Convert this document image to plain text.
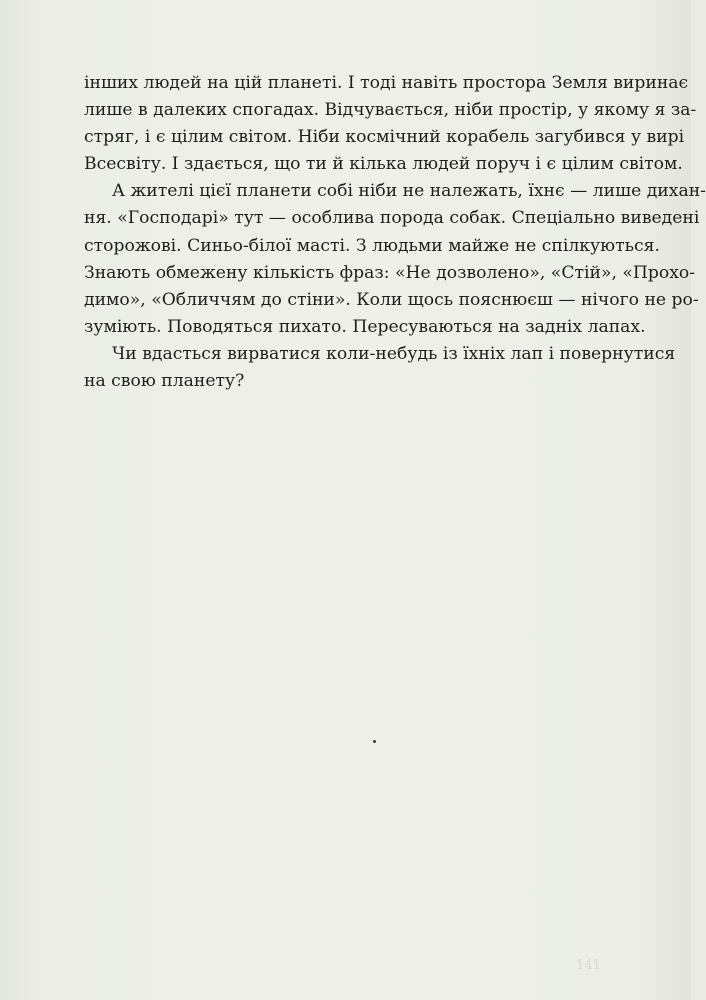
інших людей на цій планеті. І тоді навіть простора Земля виринає
лише в далеких спогадах. Відчувається, ніби простір, у якому я за-
стряг, і є цілим світом. Ніби космічний корабель загубився у вирі
Всесвіту. І здається, що ти й кілька людей поруч і є цілим світом.
А жителі цієї планети собі ніби не належать, їхнє — лише дихан-
ня. «Господарі» тут — особлива порода собак. Спеціально виведені
сторожові. Синьо-білої масті. З людьми майже не спілкуються.
Знають обмежену кількість фраз: «Не дозволено», «Стій», «Прохо-
димо», «Обличчям до стіни». Коли щось пояснюєш — нічого не ро-
зуміють. Поводяться пихато. Пересуваються на задніх лапах.
Чи вдасться вирватися коли-небудь із їхніх лап і повернутися
на свою планету?
141
